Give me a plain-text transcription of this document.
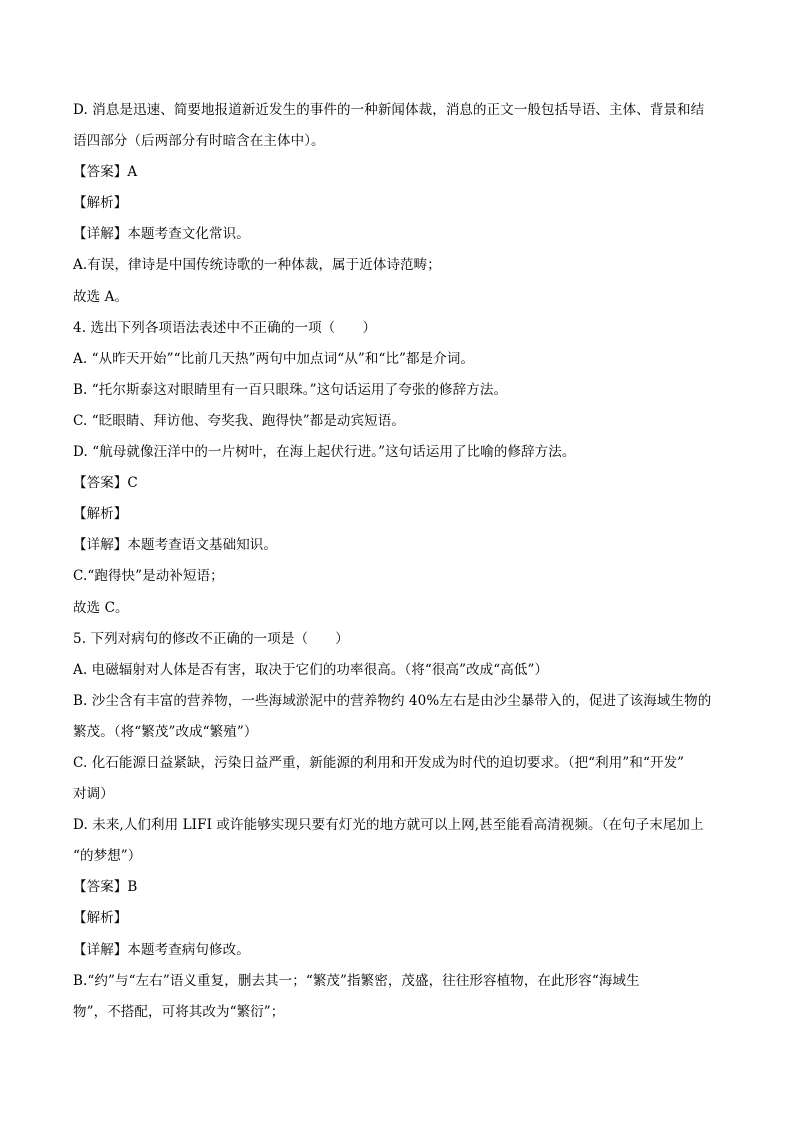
D. 消息是迅速、简要地报道新近发生的事件的一种新闻体裁，消息的正文一般包括导语、主体、背景和结
语四部分（后两部分有时暗含在主体中）。
【答案】A
【解析】
【详解】本题考查文化常识。
A.有误，律诗是中国传统诗歌的一种体裁，属于近体诗范畴；
故选 A。
4. 选出下列各项语法表述中不正确的一项（　　）
A. “从昨天开始”“比前几天热”两句中加点词“从”和“比”都是介词。
B. “托尔斯泰这对眼睛里有一百只眼珠。”这句话运用了夸张的修辞方法。
C. “眨眼睛、拜访他、夸奖我、跑得快”都是动宾短语。
D. “航母就像汪洋中的一片树叶，在海上起伏行进。”这句话运用了比喻的修辞方法。
【答案】C
【解析】
【详解】本题考查语文基础知识。
C.“跑得快”是动补短语；
故选 C。
5. 下列对病句的修改不正确的一项是（　　）
A. 电磁辐射对人体是否有害，取决于它们的功率很高。（将“很高”改成“高低”）
B. 沙尘含有丰富的营养物，一些海域淤泥中的营养物约 40%左右是由沙尘暴带入的，促进了该海域生物的
繁茂。（将“繁茂”改成“繁殖”）
C. 化石能源日益紧缺，污染日益严重，新能源的利用和开发成为时代的迫切要求。（把“利用”和“开发”
对调）
D. 未来,人们利用 LIFI 或许能够实现只要有灯光的地方就可以上网,甚至能看高清视频。（在句子末尾加上
“的梦想”）
【答案】B
【解析】
【详解】本题考查病句修改。
B.“约”与“左右”语义重复，删去其一；“繁茂”指繁密，茂盛，往往形容植物，在此形容“海域生
物”，不搭配，可将其改为“繁衍”；
